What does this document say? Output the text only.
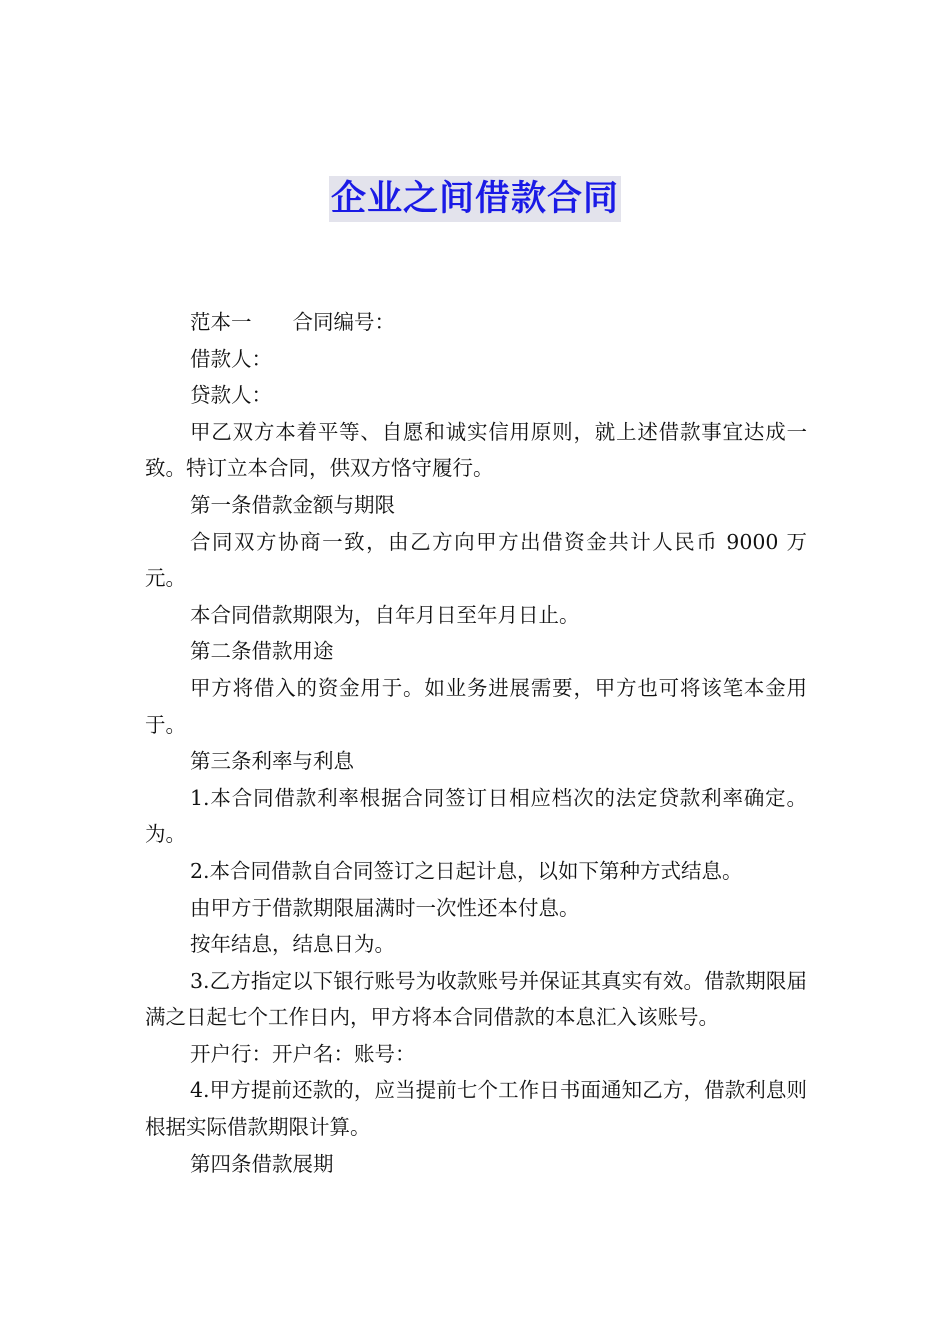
企业之间借款合同

范本一　　合同编号：

借款人：

贷款人：

甲乙双方本着平等、自愿和诚实信用原则，就上述借款事宜达成一致。特订立本合同，供双方恪守履行。

第一条借款金额与期限

合同双方协商一致，由乙方向甲方出借资金共计人民币 9000 万元。

本合同借款期限为，自年月日至年月日止。

第二条借款用途

甲方将借入的资金用于。如业务进展需要，甲方也可将该笔本金用于。

第三条利率与利息

1.本合同借款利率根据合同签订日相应档次的法定贷款利率确定。为。

2.本合同借款自合同签订之日起计息，以如下第种方式结息。

由甲方于借款期限届满时一次性还本付息。

按年结息，结息日为。

3.乙方指定以下银行账号为收款账号并保证其真实有效。借款期限届满之日起七个工作日内，甲方将本合同借款的本息汇入该账号。

开户行：开户名：账号：

4.甲方提前还款的，应当提前七个工作日书面通知乙方，借款利息则根据实际借款期限计算。

第四条借款展期
